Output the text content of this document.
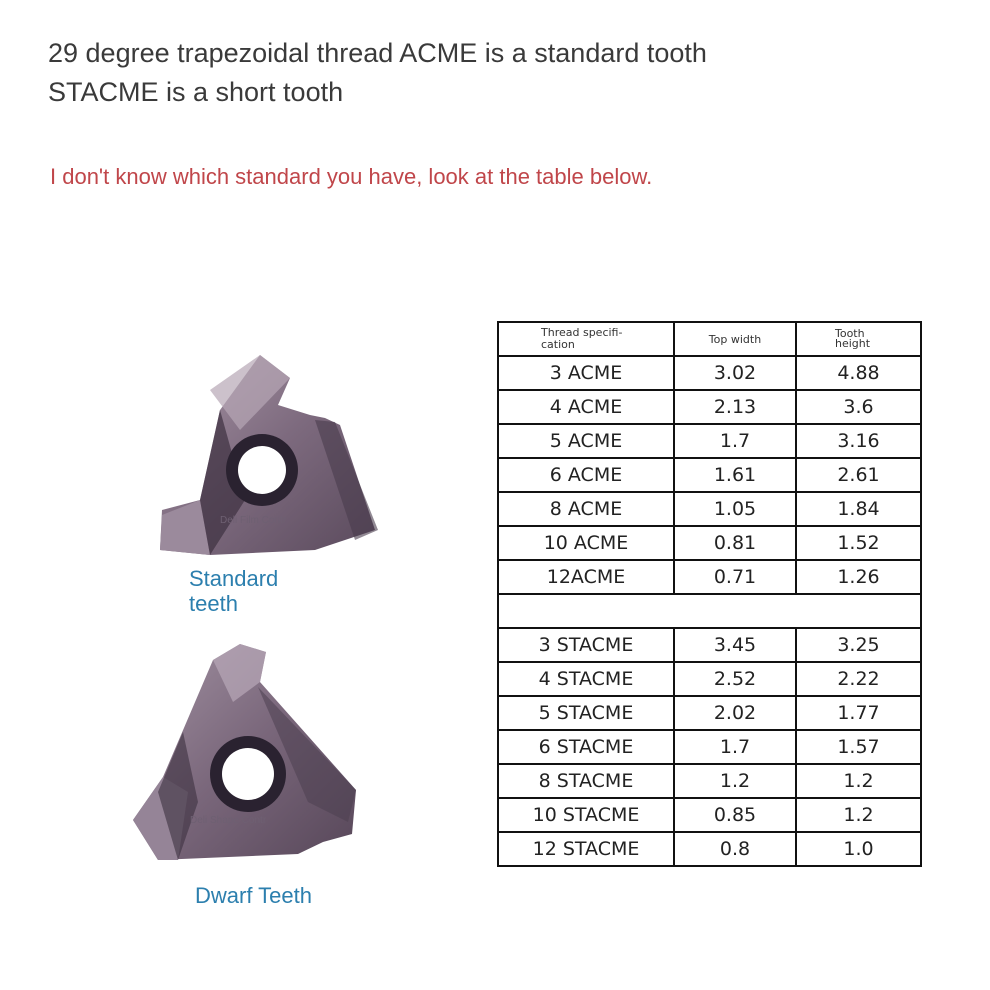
29 degree trapezoidal thread ACME is a standard tooth
STACME is a short tooth
I don't know which standard you have, look at the table below.
Deli Film Contr
Standard
teeth
Deli Shape Contr
Dwarf Teeth
Thread specifi-
cation	Top width	Tooth
height
3 ACME	3.02	4.88
4 ACME	2.13	3.6
5 ACME	1.7	3.16
6 ACME	1.61	2.61
8 ACME	1.05	1.84
10 ACME	0.81	1.52
12ACME	0.71	1.26

3 STACME	3.45	3.25
4 STACME	2.52	2.22
5 STACME	2.02	1.77
6 STACME	1.7	1.57
8 STACME	1.2	1.2
10 STACME	0.85	1.2
12 STACME	0.8	1.0
